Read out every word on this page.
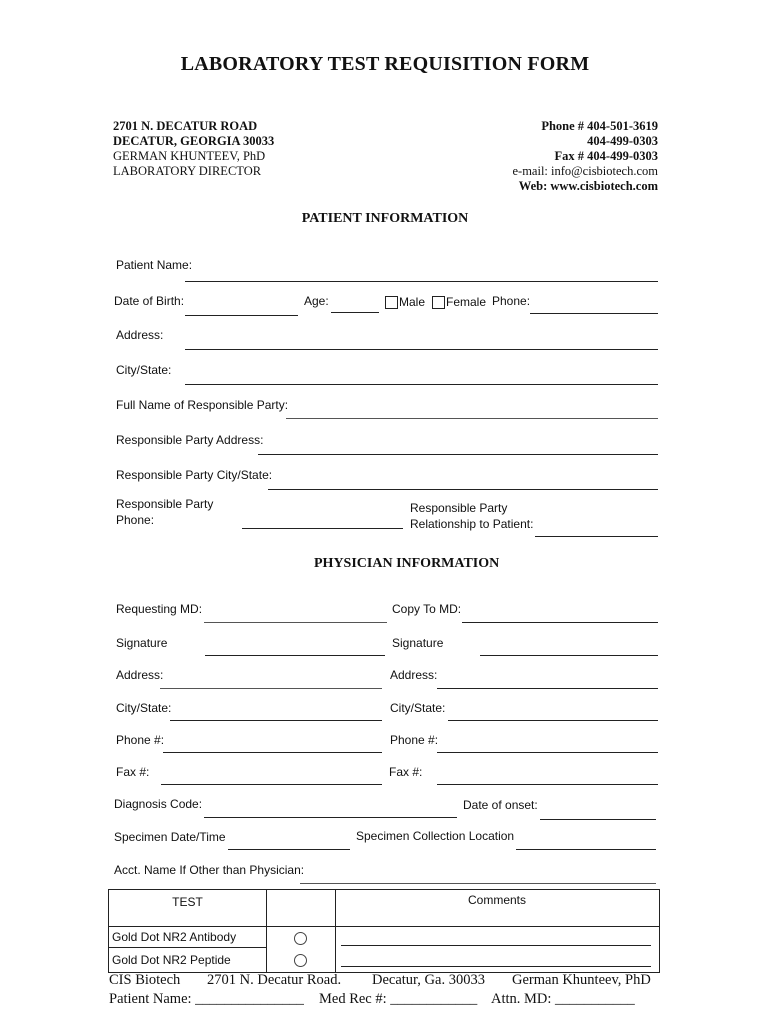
LABORATORY TEST REQUISITION FORM
2701 N. DECATUR ROAD
DECATUR, GEORGIA 30033
GERMAN KHUNTEEV, PhD
LABORATORY DIRECTOR
Phone # 404-501-3619
404-499-0303
Fax # 404-499-0303
e-mail: info@cisbiotech.com
Web: www.cisbiotech.com
PATIENT INFORMATION
Patient Name:
Date of Birth:	Age:	Male Female Phone:
Address:
City/State:
Full Name of Responsible Party:
Responsible Party Address:
Responsible Party City/State:
Responsible Party
Phone:
Responsible Party
Relationship to Patient:
PHYSICIAN INFORMATION
Requesting MD:	Copy To MD:
Signature	Signature
Address:	Address:
City/State:	City/State:
Phone #:	Phone #:
Fax #:	Fax #:
Diagnosis Code:	Date of onset:
Specimen Date/Time	Specimen Collection Location
Acct. Name If Other than Physician:
TEST	Comments
Gold Dot NR2 Antibody
Gold Dot NR2 Peptide
CIS Biotech 2701 N. Decatur Road. Decatur, Ga. 30033 German Khunteev, PhD
Patient Name: _______________ Med Rec #: ____________ Attn. MD: ___________
